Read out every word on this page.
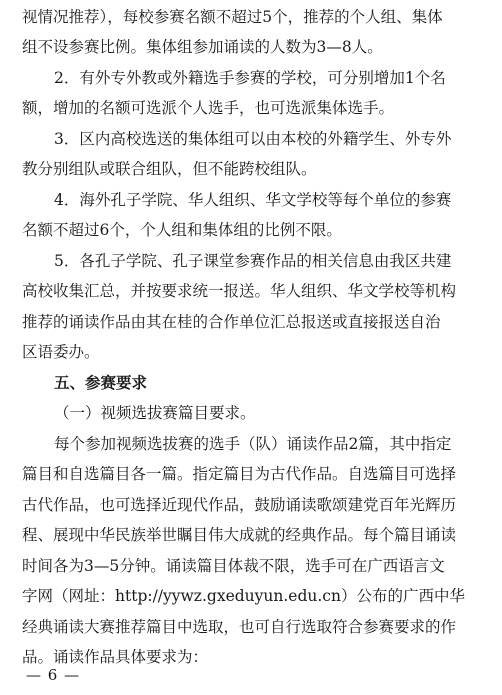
视情况推荐），每校参赛名额不超过5个，推荐的个人组、集体
组不设参赛比例。集体组参加诵读的人数为3—8人。
2．有外专外教或外籍选手参赛的学校，可分别增加1个名
额，增加的名额可选派个人选手，也可选派集体选手。
3．区内高校选送的集体组可以由本校的外籍学生、外专外
教分别组队或联合组队，但不能跨校组队。
4．海外孔子学院、华人组织、华文学校等每个单位的参赛
名额不超过6个，个人组和集体组的比例不限。
5．各孔子学院、孔子课堂参赛作品的相关信息由我区共建
高校收集汇总，并按要求统一报送。华人组织、华文学校等机构
推荐的诵读作品由其在桂的合作单位汇总报送或直接报送自治
区语委办。
五、参赛要求
（一）视频选拔赛篇目要求。
每个参加视频选拔赛的选手（队）诵读作品2篇，其中指定
篇目和自选篇目各一篇。指定篇目为古代作品。自选篇目可选择
古代作品，也可选择近现代作品，鼓励诵读歌颂建党百年光辉历
程、展现中华民族举世瞩目伟大成就的经典作品。每个篇目诵读
时间各为3—5分钟。诵读篇目体裁不限，选手可在广西语言文
字网（网址：http://yywz.gxeduyun.edu.cn）公布的广西中华
经典诵读大赛推荐篇目中选取，也可自行选取符合参赛要求的作
品。诵读作品具体要求为：
— 6 —
